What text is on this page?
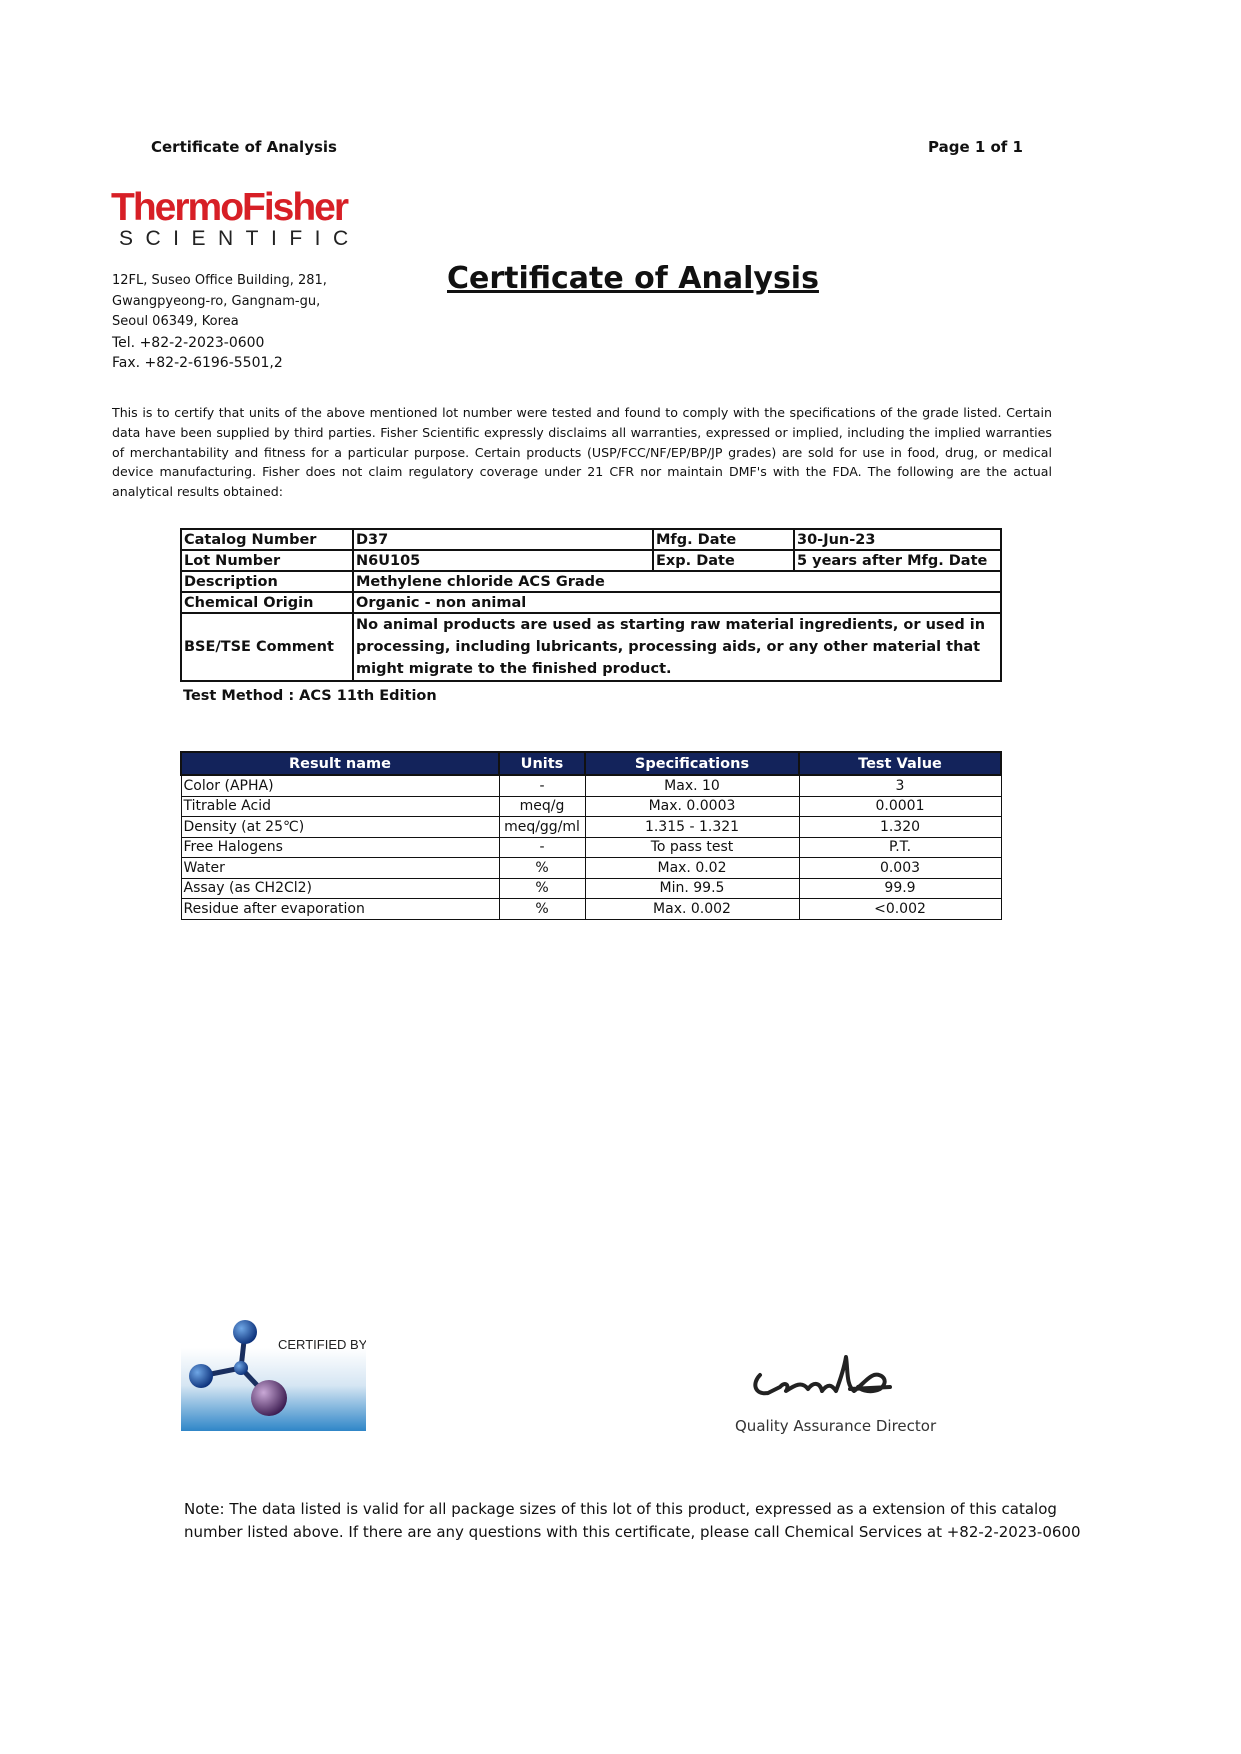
Certificate of Analysis	Page 1 of 1
ThermoFisher
SCIENTIFIC
12FL, Suseo Office Building, 281,
Gwangpyeong-ro, Gangnam-gu,
Seoul 06349, Korea
Tel. +82-2-2023-0600
Fax. +82-2-6196-5501,2
Certificate of Analysis
This is to certify that units of the above mentioned lot number were tested and found to comply with the specifications of the grade listed. Certain data have been supplied by third parties. Fisher Scientific expressly disclaims all warranties, expressed or implied, including the implied warranties of merchantability and fitness for a particular purpose. Certain products (USP/FCC/NF/EP/BP/JP grades) are sold for use in food, drug, or medical device manufacturing. Fisher does not claim regulatory coverage under 21 CFR nor maintain DMF's with the FDA. The following are the actual analytical results obtained:
Catalog Number	D37	Mfg. Date	30-Jun-23
Lot Number	N6U105	Exp. Date	5 years after Mfg. Date
Description	Methylene chloride ACS Grade		
Chemical Origin	Organic - non animal		
BSE/TSE Comment	No animal products are used as starting raw material ingredients, or used in processing, including lubricants, processing aids, or any other material that might migrate to the finished product.		
Test Method : ACS 11th Edition
Result name	Units	Specifications	Test Value
Color (APHA)	-	Max. 10	3
Titrable Acid	meq/g	Max. 0.0003	0.0001
Density (at 25℃)	meq/gg/ml	1.315 - 1.321	1.320
Free Halogens	-	To pass test	P.T.
Water	%	Max. 0.02	0.003
Assay (as CH2Cl2)	%	Min. 99.5	99.9
Residue after evaporation	%	Max. 0.002	<0.002
CERTIFIED BY
Quality Assurance Director
Note: The data listed is valid for all package sizes of this lot of this product, expressed as a extension of this catalog number listed above. If there are any questions with this certificate, please call Chemical Services at +82-2-2023-0600
